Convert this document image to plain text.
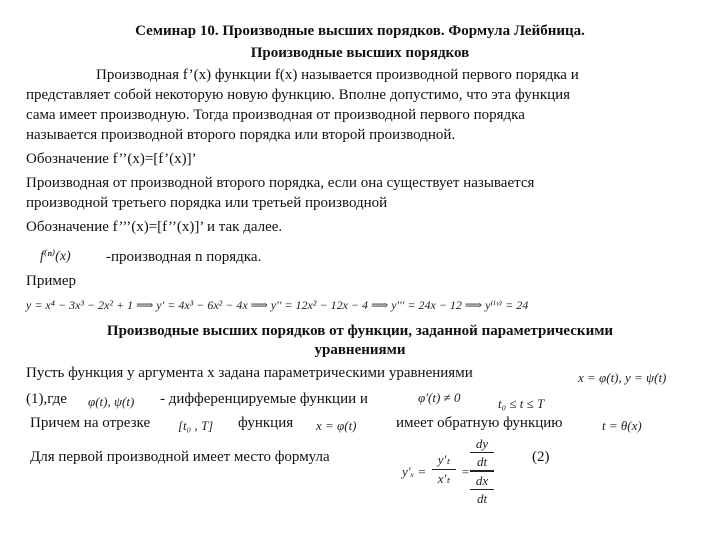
Семинар 10. Производные высших порядков. Формула Лейбница.
Производные высших порядков
Производная f’(x) функции f(x) называется производной первого порядка и
представляет собой некоторую новую функцию. Вполне допустимо, что эта функция
сама имеет производную. Тогда производная от производной первого порядка
называется производной второго порядка или второй производной.
Обозначение f’’(x)=[f’(x)]’
Производная от производной второго порядка, если она существует называется
производной третьего порядка или третьей производной
Обозначение f’’’(x)=[f’’(x)]’ и так далее.
f⁽ⁿ⁾(x) -производная n порядка.
Пример
y = x⁴ − 3x³ − 2x² + 1 ⟹ y′ = 4x³ − 6x² − 4x ⟹ y′′ = 12x² − 12x − 4 ⟹ y′′′ = 24x − 12 ⟹ y⁽ⁱᵛ⁾ = 24
Производные высших порядков от функции, заданной параметрическими
уравнениями
Пусть функция y аргумента x задана параметрическими уравнениями	x = φ(t), y = ψ(t)
(1),где φ(t), ψ(t) - дифференцируемые функции и	φ′(t) ≠ 0	t₀ ≤ t ≤ T
Причем на отрезке [t₀ , T] функция x = φ(t)	имеет обратную функцию	t = θ(x)
Для первой производной имеет место формула
y′ₓ =
y′ₜ
x′ₜ =
dy
dt
dx
dt
(2)
